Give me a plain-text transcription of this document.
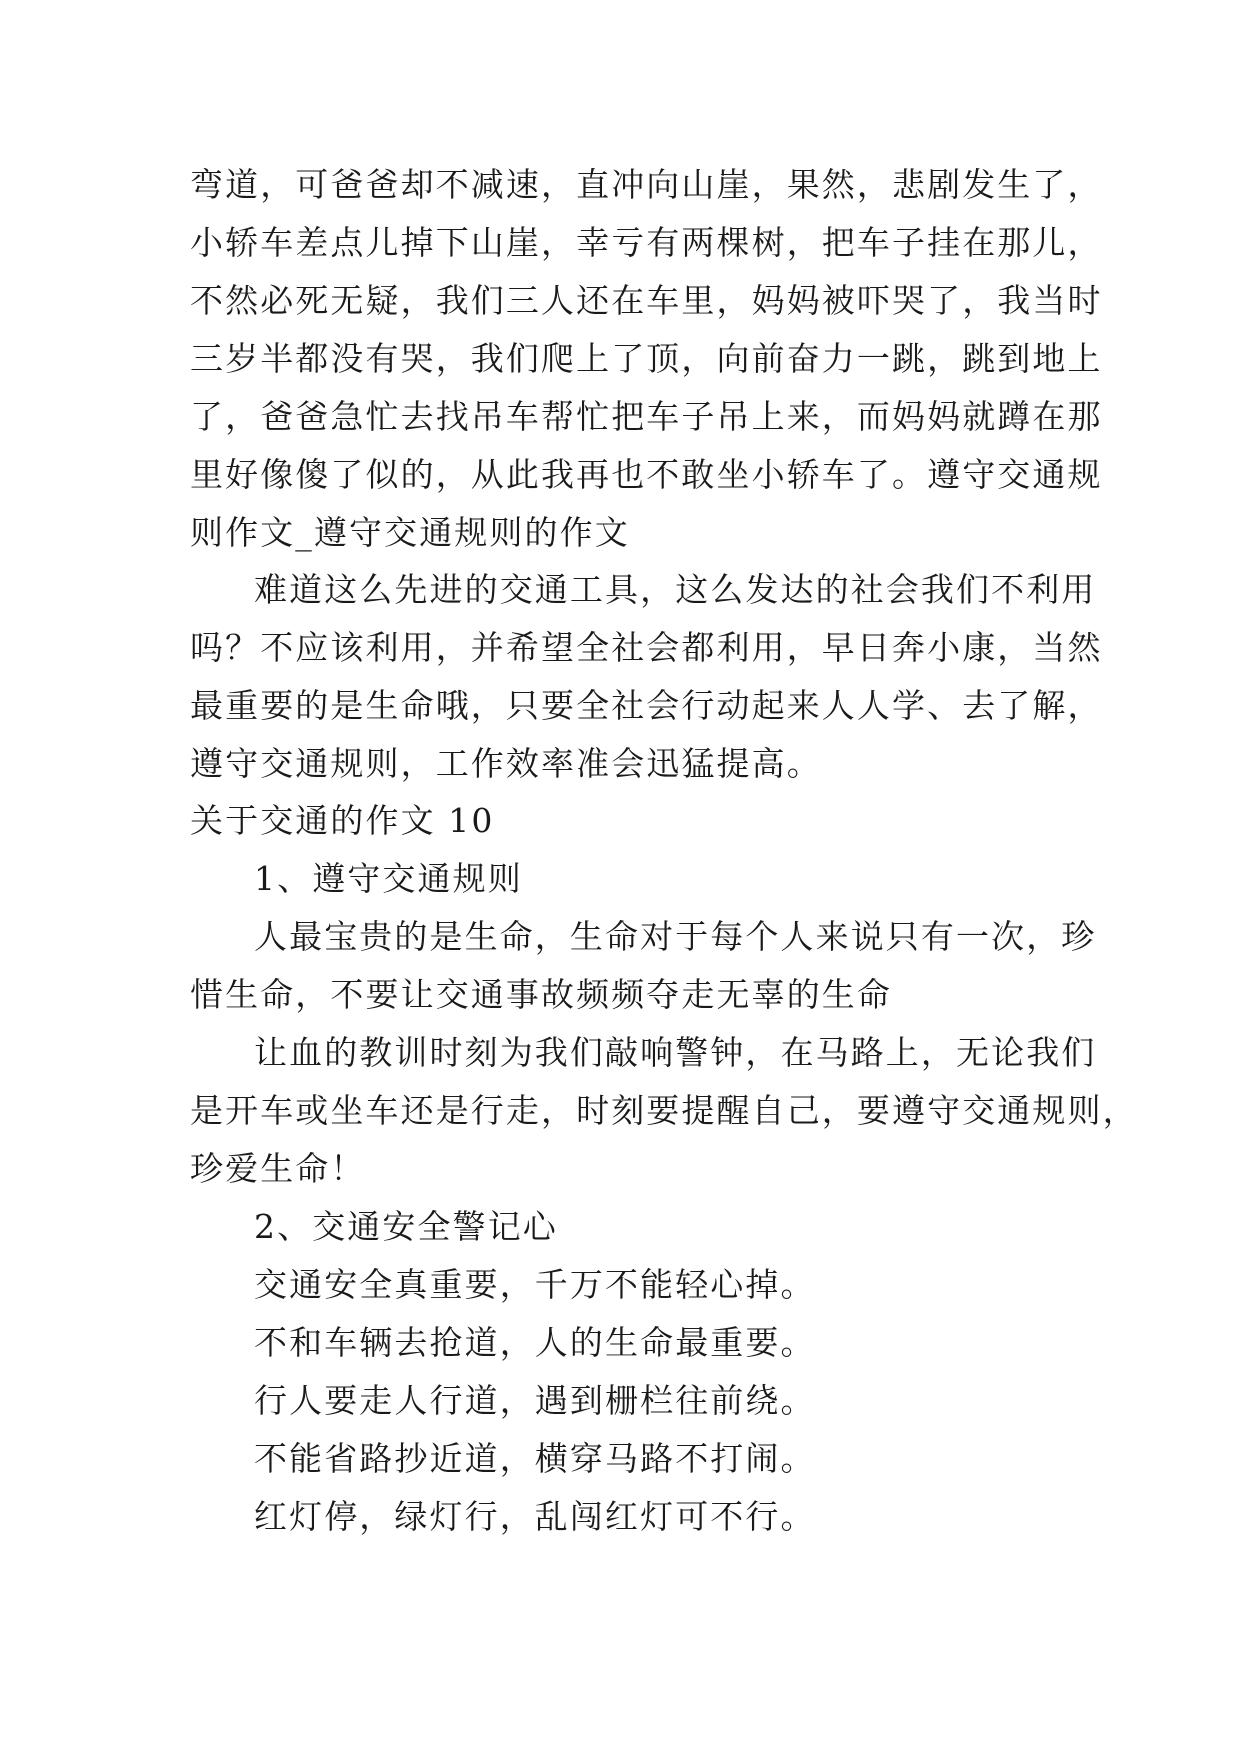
弯道，可爸爸却不减速，直冲向山崖，果然，悲剧发生了，
小轿车差点儿掉下山崖，幸亏有两棵树，把车子挂在那儿，
不然必死无疑，我们三人还在车里，妈妈被吓哭了，我当时
三岁半都没有哭，我们爬上了顶，向前奋力一跳，跳到地上
了，爸爸急忙去找吊车帮忙把车子吊上来，而妈妈就蹲在那
里好像傻了似的，从此我再也不敢坐小轿车了。遵守交通规
则作文_遵守交通规则的作文
难道这么先进的交通工具，这么发达的社会我们不利用
吗？不应该利用，并希望全社会都利用，早日奔小康，当然
最重要的是生命哦，只要全社会行动起来人人学、去了解，
遵守交通规则，工作效率准会迅猛提高。
关于交通的作文 10
1、遵守交通规则
人最宝贵的是生命，生命对于每个人来说只有一次，珍
惜生命，不要让交通事故频频夺走无辜的生命
让血的教训时刻为我们敲响警钟，在马路上，无论我们
是开车或坐车还是行走，时刻要提醒自己，要遵守交通规则，
珍爱生命！
2、交通安全警记心
交通安全真重要，千万不能轻心掉。
不和车辆去抢道，人的生命最重要。
行人要走人行道，遇到栅栏往前绕。
不能省路抄近道，横穿马路不打闹。
红灯停，绿灯行，乱闯红灯可不行。
